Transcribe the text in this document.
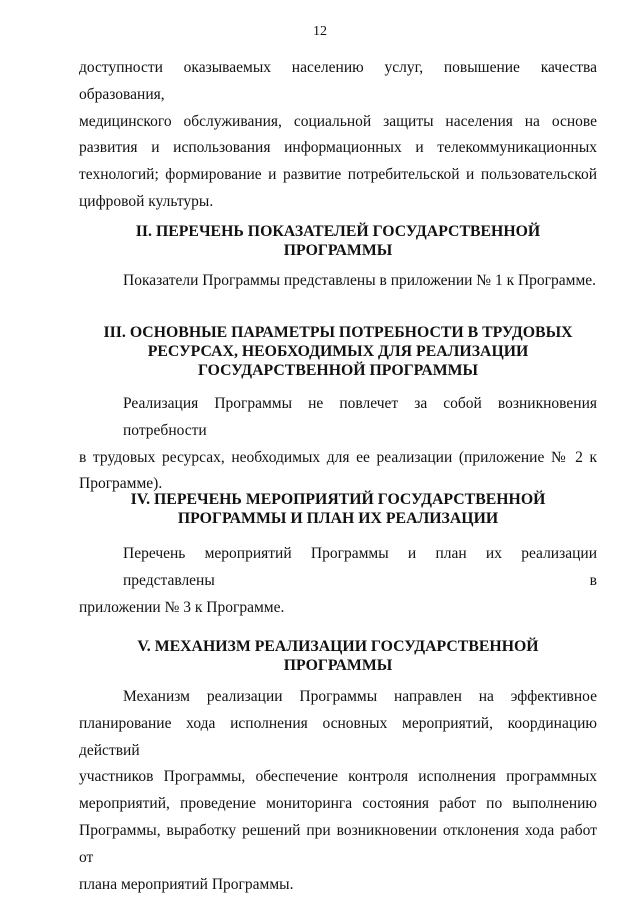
12
доступности оказываемых населению услуг, повышение качества образования,
медицинского обслуживания, социальной защиты населения на основе
развития и использования информационных и телекоммуникационных
технологий; формирование и развитие потребительской и пользовательской
цифровой культуры.
II. ПЕРЕЧЕНЬ ПОКАЗАТЕЛЕЙ ГОСУДАРСТВЕННОЙ
ПРОГРАММЫ
Показатели Программы представлены в приложении № 1 к Программе.
III. ОСНОВНЫЕ ПАРАМЕТРЫ ПОТРЕБНОСТИ В ТРУДОВЫХ
РЕСУРСАХ, НЕОБХОДИМЫХ ДЛЯ РЕАЛИЗАЦИИ
ГОСУДАРСТВЕННОЙ ПРОГРАММЫ
Реализация Программы не повлечет за собой возникновения потребности
в трудовых ресурсах, необходимых для ее реализации (приложение № 2 к
Программе).
IV. ПЕРЕЧЕНЬ МЕРОПРИЯТИЙ ГОСУДАРСТВЕННОЙ
ПРОГРАММЫ И ПЛАН ИХ РЕАЛИЗАЦИИ
Перечень мероприятий Программы и план их реализации представлены в
приложении № 3 к Программе.
V. МЕХАНИЗМ РЕАЛИЗАЦИИ ГОСУДАРСТВЕННОЙ
ПРОГРАММЫ
Механизм реализации Программы направлен на эффективное
планирование хода исполнения основных мероприятий, координацию действий
участников Программы, обеспечение контроля исполнения программных
мероприятий, проведение мониторинга состояния работ по выполнению
Программы, выработку решений при возникновении отклонения хода работ от
плана мероприятий Программы.
